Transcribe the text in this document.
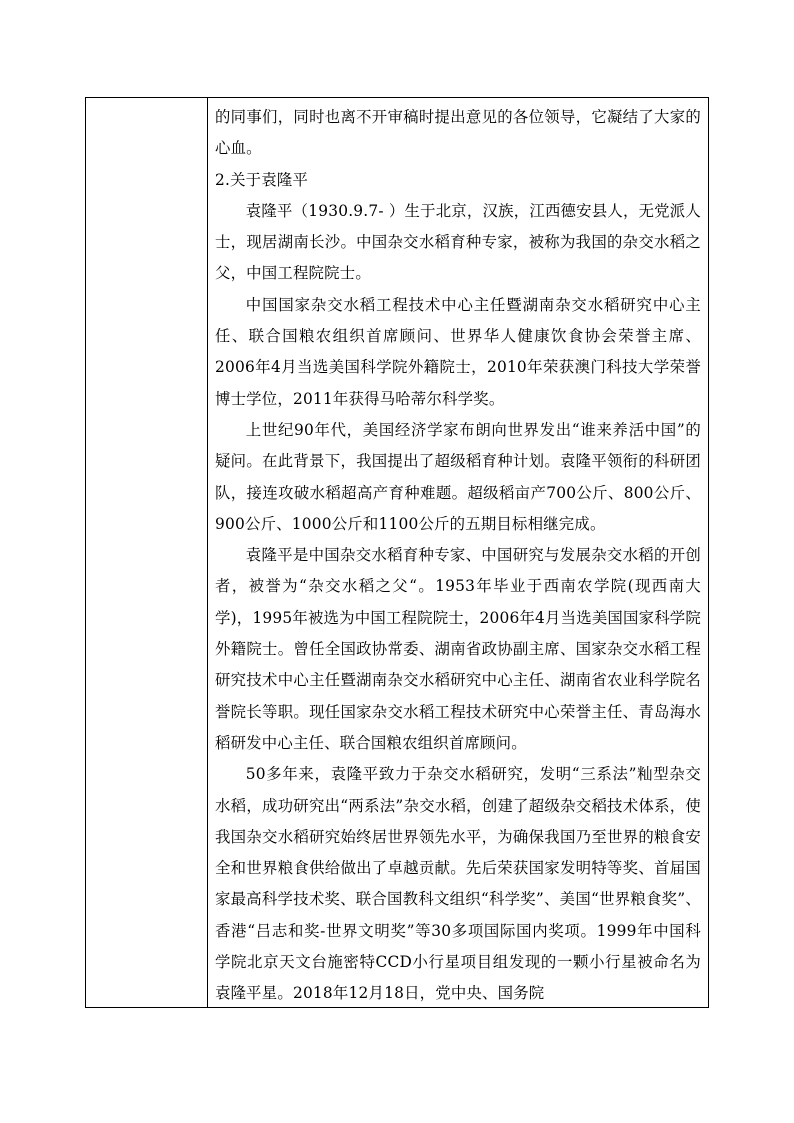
的同事们，同时也离不开审稿时提出意见的各位领导，它凝结了大家的心血。

2.关于袁隆平

袁隆平（1930.9.7- ）生于北京，汉族，江西德安县人，无党派人士，现居湖南长沙。中国杂交水稻育种专家，被称为我国的杂交水稻之父，中国工程院院士。

中国国家杂交水稻工程技术中心主任暨湖南杂交水稻研究中心主任、联合国粮农组织首席顾问、世界华人健康饮食协会荣誉主席、2006年4月当选美国科学院外籍院士，2010年荣获澳门科技大学荣誉博士学位，2011年获得马哈蒂尔科学奖。

上世纪90年代，美国经济学家布朗向世界发出“谁来养活中国”的疑问。在此背景下，我国提出了超级稻育种计划。袁隆平领衔的科研团队，接连攻破水稻超高产育种难题。超级稻亩产700公斤、800公斤、900公斤、1000公斤和1100公斤的五期目标相继完成。

袁隆平是中国杂交水稻育种专家、中国研究与发展杂交水稻的开创者，被誉为“杂交水稻之父“。1953年毕业于西南农学院(现西南大学)，1995年被选为中国工程院院士，2006年4月当选美国国家科学院外籍院士。曾任全国政协常委、湖南省政协副主席、国家杂交水稻工程研究技术中心主任暨湖南杂交水稻研究中心主任、湖南省农业科学院名誉院长等职。现任国家杂交水稻工程技术研究中心荣誉主任、青岛海水稻研发中心主任、联合国粮农组织首席顾问。

50多年来，袁隆平致力于杂交水稻研究，发明“三系法”籼型杂交水稻，成功研究出“两系法”杂交水稻，创建了超级杂交稻技术体系，使我国杂交水稻研究始终居世界领先水平，为确保我国乃至世界的粮食安全和世界粮食供给做出了卓越贡献。先后荣获国家发明特等奖、首届国家最高科学技术奖、联合国教科文组织“科学奖”、美国“世界粮食奖”、香港“吕志和奖-世界文明奖”等30多项国际国内奖项。1999年中国科学院北京天文台施密特CCD小行星项目组发现的一颗小行星被命名为袁隆平星。2018年12月18日，党中央、国务院
